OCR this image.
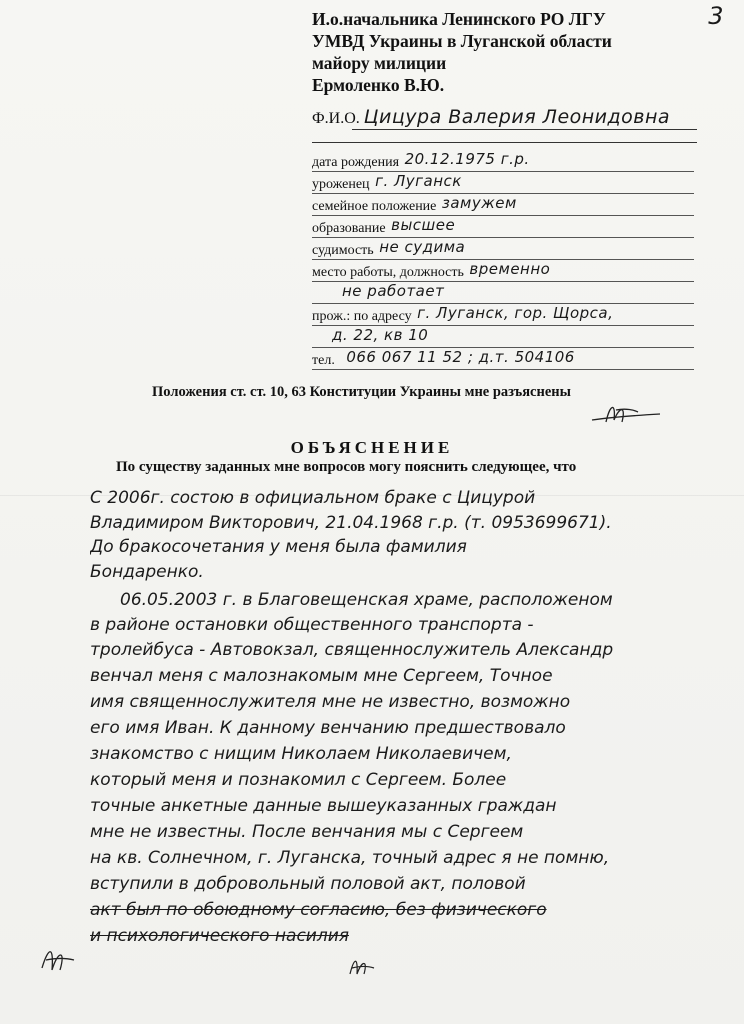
3
И.о.начальника Ленинского РО ЛГУ
УМВД Украины в Луганской области
майору милиции
Ермоленко В.Ю.
Ф.И.О. Цицура Валерия Леонидовна
дата рождения 20.12.1975 г.р.
уроженец г. Луганск
семейное положение замужем
образование высшее
судимость не судима
место работы, должность временно
не работает
прож.: по адресу г. Луганск, гор. Щорса,
д. 22, кв 10
тел. 066 067 11 52 ; д.т. 504106
Положения ст. ст. 10, 63 Конституции Украины мне разъяснены
ОБЪЯСНЕНИЕ
По существу заданных мне вопросов могу пояснить следующее, что
С 2006г. состою в официальном браке с Цицурой
Владимиром Викторович, 21.04.1968 г.р. (т. 0953699671).
До бракосочетания у меня была фамилия
Бондаренко.
06.05.2003 г. в Благовещенская храме, расположеном
в районе остановки общественного транспорта -
тролейбуса - Автовокзал, священнослужитель Александр
венчал меня с малознакомым мне Сергеем, Точное
имя священнослужителя мне не известно, возможно
его имя Иван. К данному венчанию предшествовало
знакомство с нищим Николаем Николаевичем,
который меня и познакомил с Сергеем. Более
точные анкетные данные вышеуказанных граждан
мне не известны. После венчания мы с Сергеем
на кв. Солнечном, г. Луганска, точный адрес я не помню,
вступили в добровольный половой акт, половой
акт был по обоюдному согласию, без физического
и психологического насилия
